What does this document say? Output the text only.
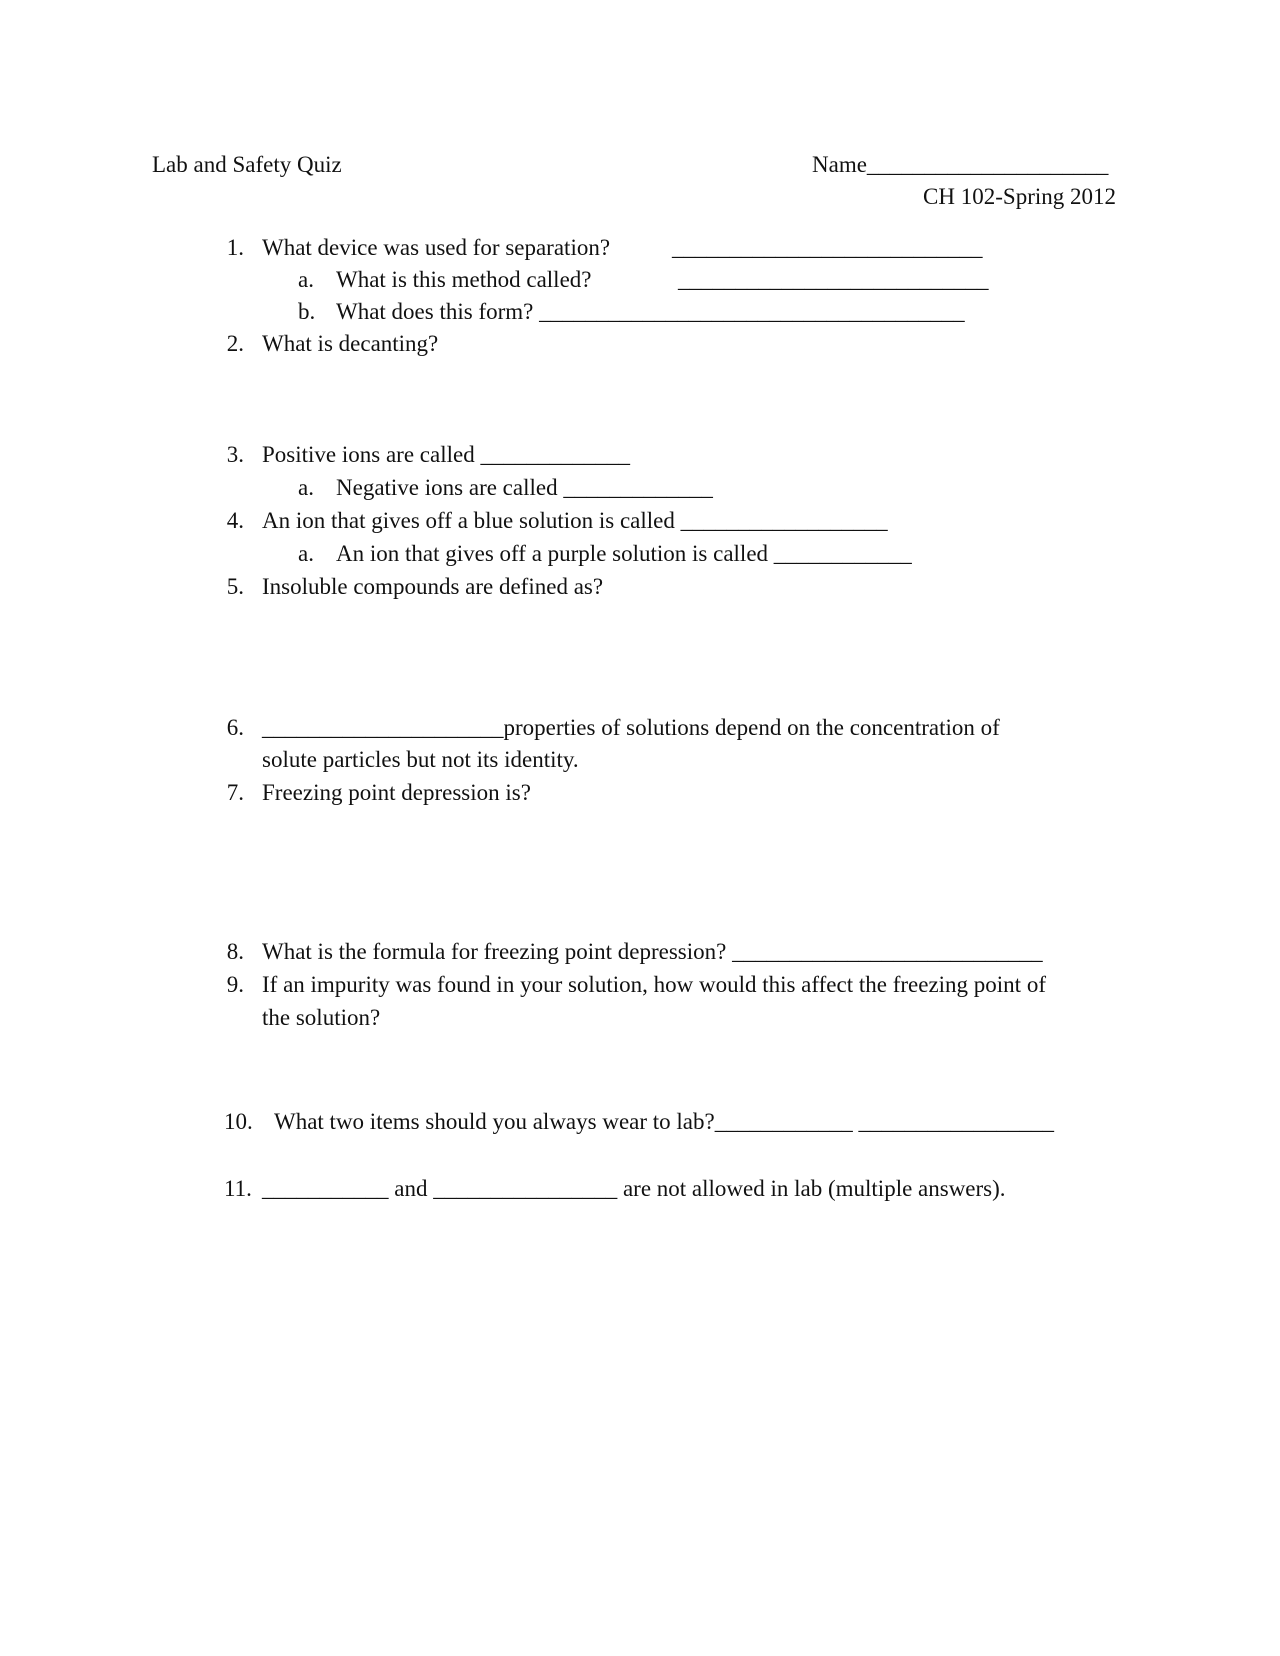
Lab and Safety Quiz	Name_____________________
CH 102-Spring 2012
1. What device was used for separation?	___________________________
a. What is this method called?	___________________________
b. What does this form? _____________________________________
2. What is decanting?
3. Positive ions are called _____________
a. Negative ions are called _____________
4. An ion that gives off a blue solution is called __________________
a. An ion that gives off a purple solution is called ____________
5. Insoluble compounds are defined as?
6. _____________________properties of solutions depend on the concentration of
solute particles but not its identity.
7. Freezing point depression is?
8. What is the formula for freezing point depression? ___________________________
9. If an impurity was found in your solution, how would this affect the freezing point of
the solution?
10. What two items should you always wear to lab?____________ _________________
11. ___________ and ________________ are not allowed in lab (multiple answers).
